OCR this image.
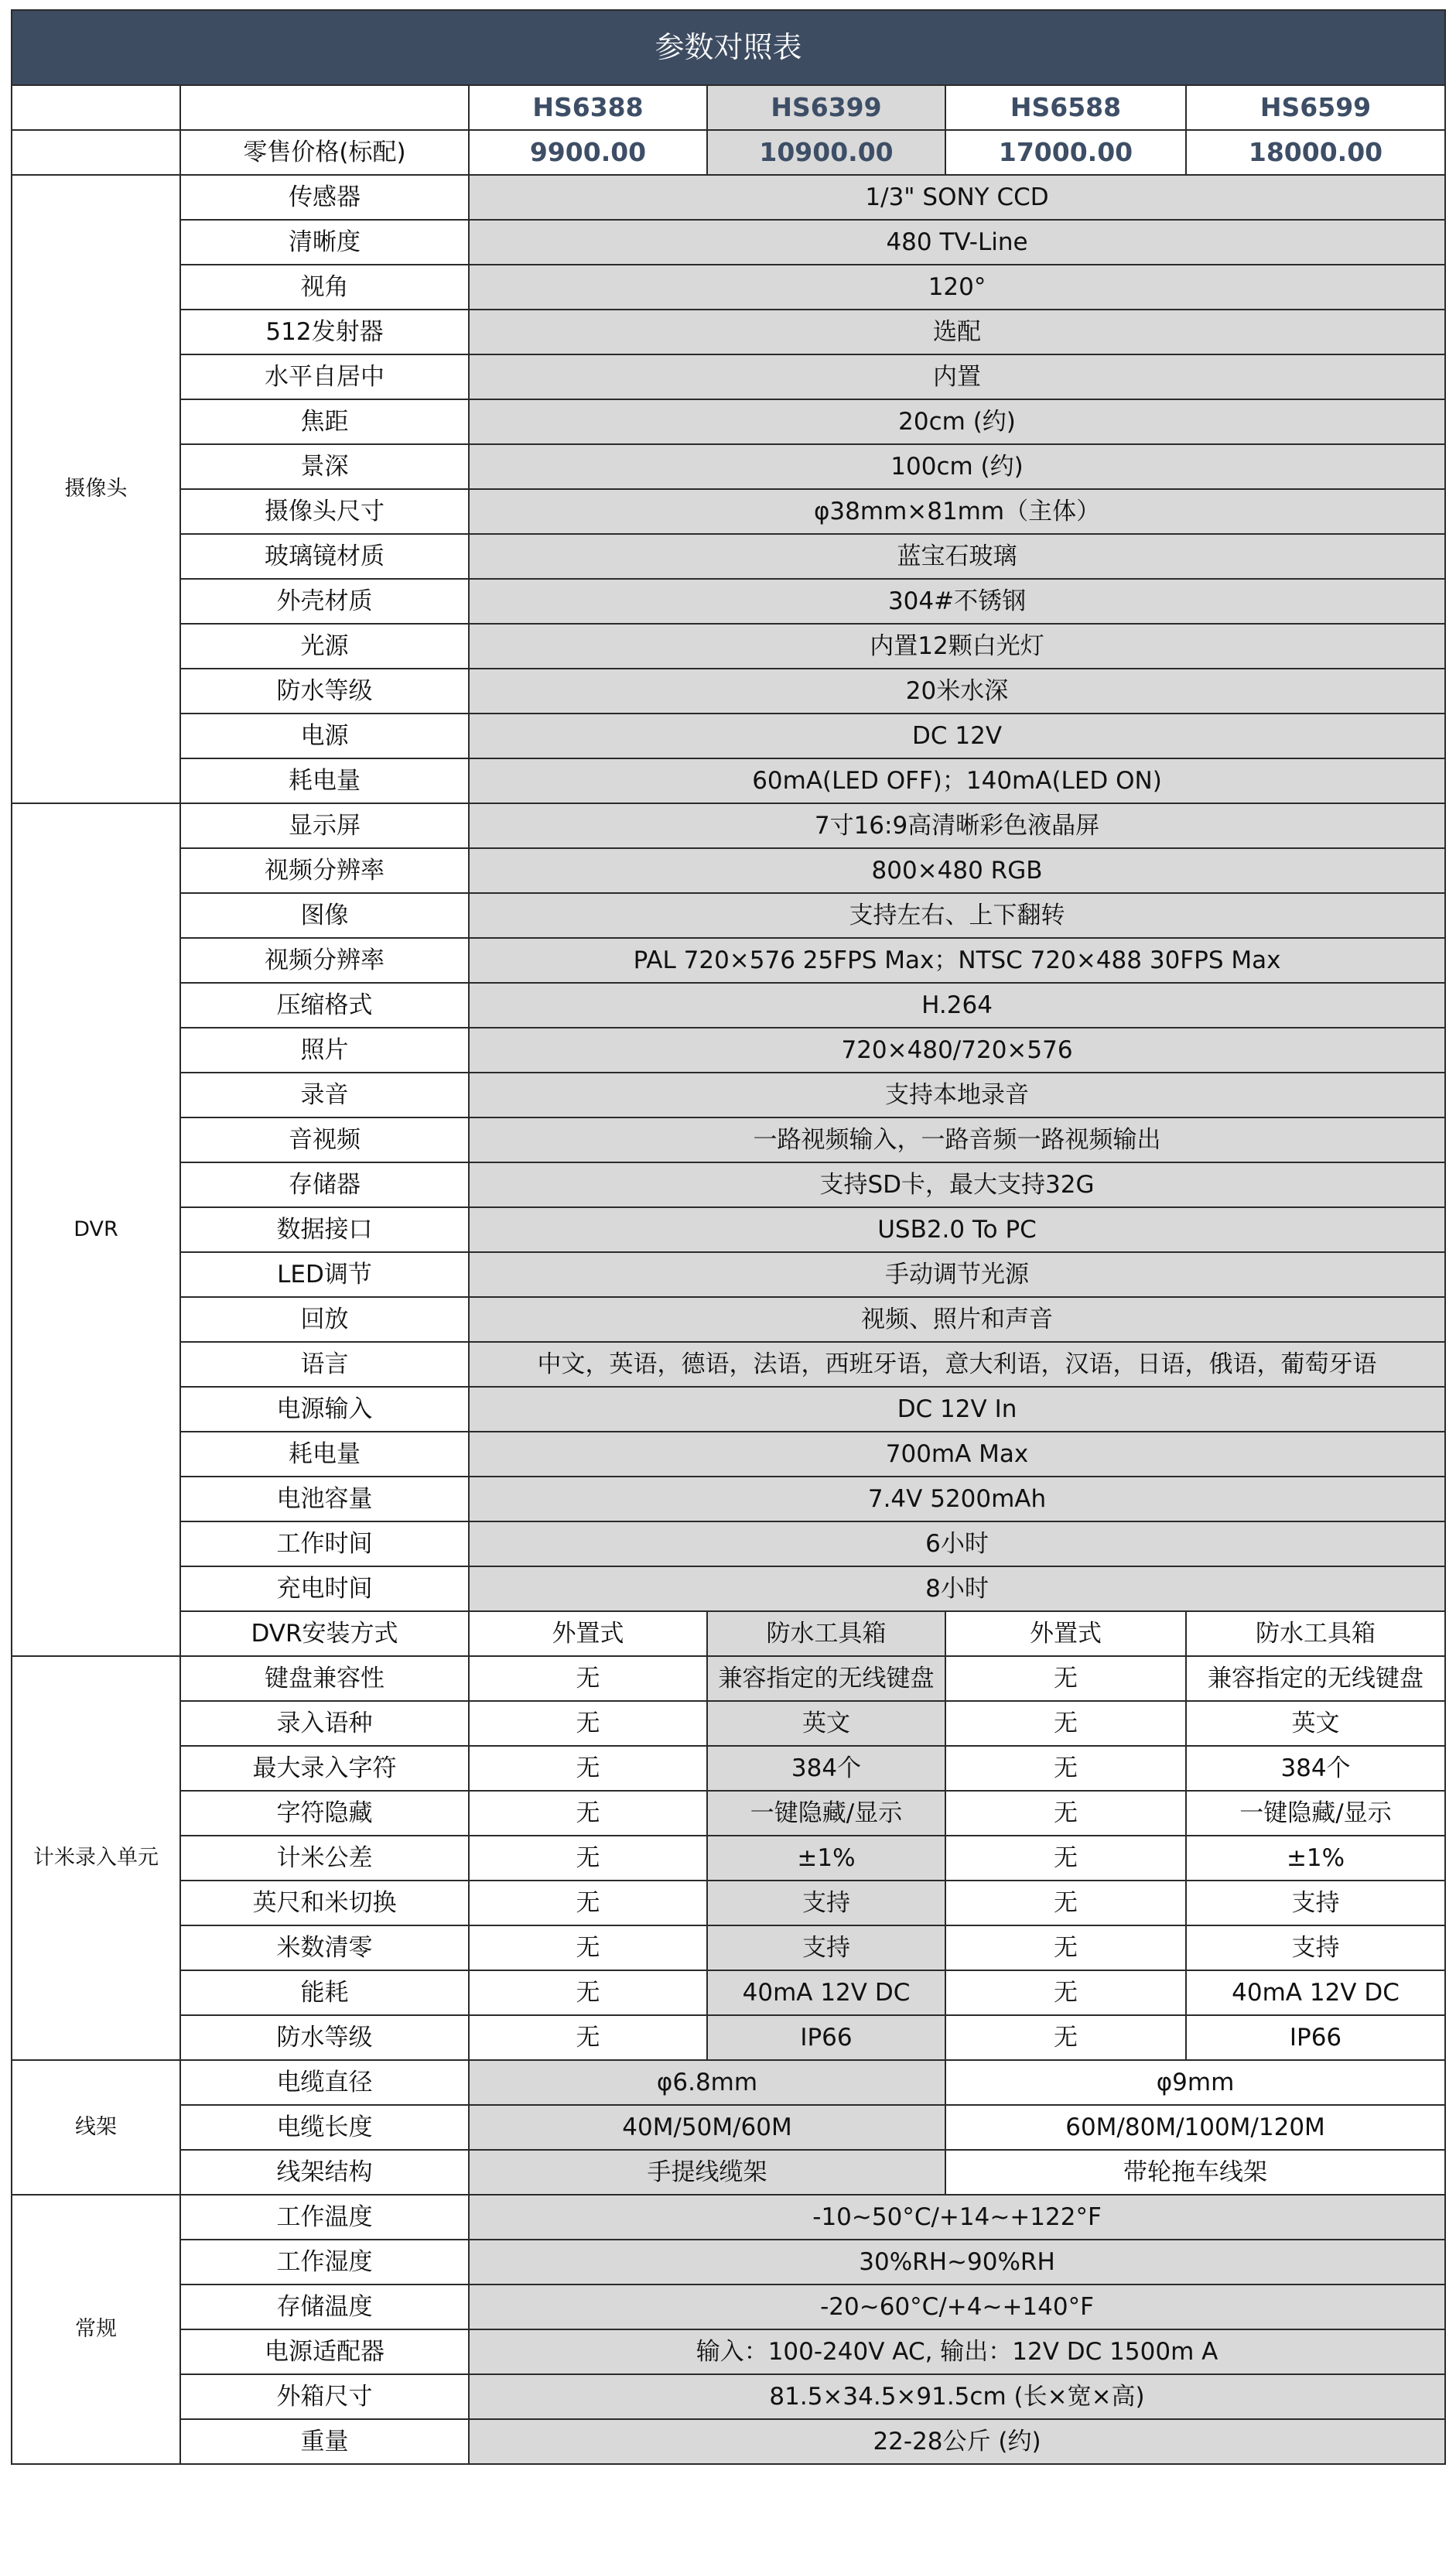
参数对照表					
		HS6388	HS6399	HS6588	HS6599
	零售价格(标配)	9900.00	10900.00	17000.00	18000.00
摄像头	传感器	1/3" SONY CCD			
	清晰度	480 TV-Line			
	视角	120°			
	512发射器	选配			
	水平自居中	内置			
	焦距	20cm (约)			
	景深	100cm (约)			
	摄像头尺寸	φ38mm×81mm（主体）			
	玻璃镜材质	蓝宝石玻璃			
	外壳材质	304#不锈钢			
	光源	内置12颗白光灯			
	防水等级	20米水深			
	电源	DC 12V			
	耗电量	60mA(LED OFF)；140mA(LED ON)			
DVR	显示屏	7寸16:9高清晰彩色液晶屏			
	视频分辨率	800×480 RGB			
	图像	支持左右、上下翻转			
	视频分辨率	PAL 720×576 25FPS Max；NTSC 720×488 30FPS Max			
	压缩格式	H.264			
	照片	720×480/720×576			
	录音	支持本地录音			
	音视频	一路视频输入，一路音频一路视频输出			
	存储器	支持SD卡，最大支持32G			
	数据接口	USB2.0 To PC			
	LED调节	手动调节光源			
	回放	视频、照片和声音			
	语言	中文，英语，德语，法语，西班牙语，意大利语，汉语，日语，俄语，葡萄牙语			
	电源输入	DC 12V In			
	耗电量	700mA Max			
	电池容量	7.4V 5200mAh			
	工作时间	6小时			
	充电时间	8小时			
	DVR安装方式	外置式	防水工具箱	外置式	防水工具箱
计米录入单元	键盘兼容性	无	兼容指定的无线键盘	无	兼容指定的无线键盘
	录入语种	无	英文	无	英文
	最大录入字符	无	384个	无	384个
	字符隐藏	无	一键隐藏/显示	无	一键隐藏/显示
	计米公差	无	±1%	无	±1%
	英尺和米切换	无	支持	无	支持
	米数清零	无	支持	无	支持
	能耗	无	40mA 12V DC	无	40mA 12V DC
	防水等级	无	IP66	无	IP66
线架	电缆直径	φ6.8mm		φ9mm	
	电缆长度	40M/50M/60M		60M/80M/100M/120M	
	线架结构	手提线缆架		带轮拖车线架	
常规	工作温度	-10~50°C/+14~+122°F			
	工作湿度	30%RH~90%RH			
	存储温度	-20~60°C/+4~+140°F			
	电源适配器	输入：100-240V AC, 输出：12V DC 1500m A			
	外箱尺寸	81.5×34.5×91.5cm (长×宽×高)			
	重量	22-28公斤 (约)			
